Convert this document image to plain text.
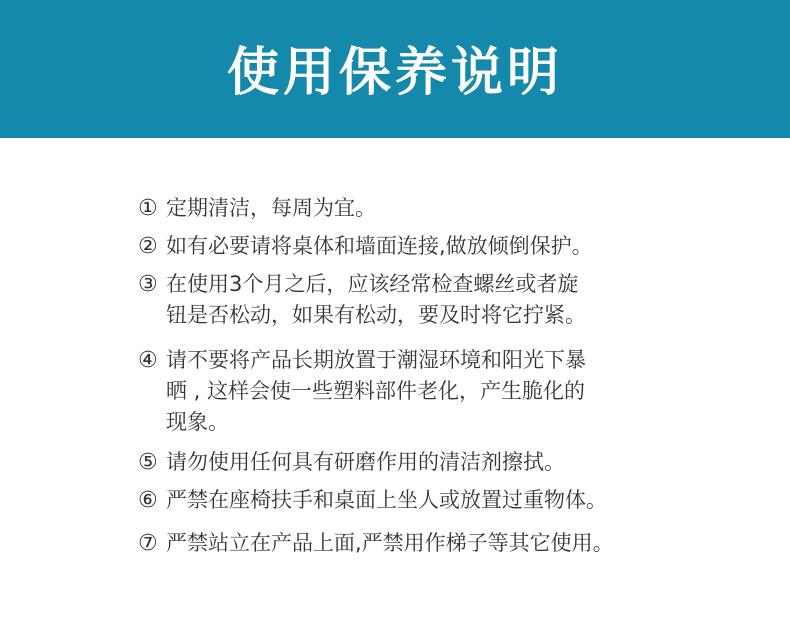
使用保养说明
① 定期清洁，每周为宜。
② 如有必要请将桌体和墙面连接,做放倾倒保护。
③ 在使用3个月之后，应该经常检查螺丝或者旋
钮是否松动，如果有松动，要及时将它拧紧。
④ 请不要将产品长期放置于潮湿环境和阳光下暴
晒 , 这样会使一些塑料部件老化，产生脆化的
现象。
⑤ 请勿使用任何具有研磨作用的清洁剂擦拭。
⑥ 严禁在座椅扶手和桌面上坐人或放置过重物体。
⑦ 严禁站立在产品上面,严禁用作梯子等其它使用。
